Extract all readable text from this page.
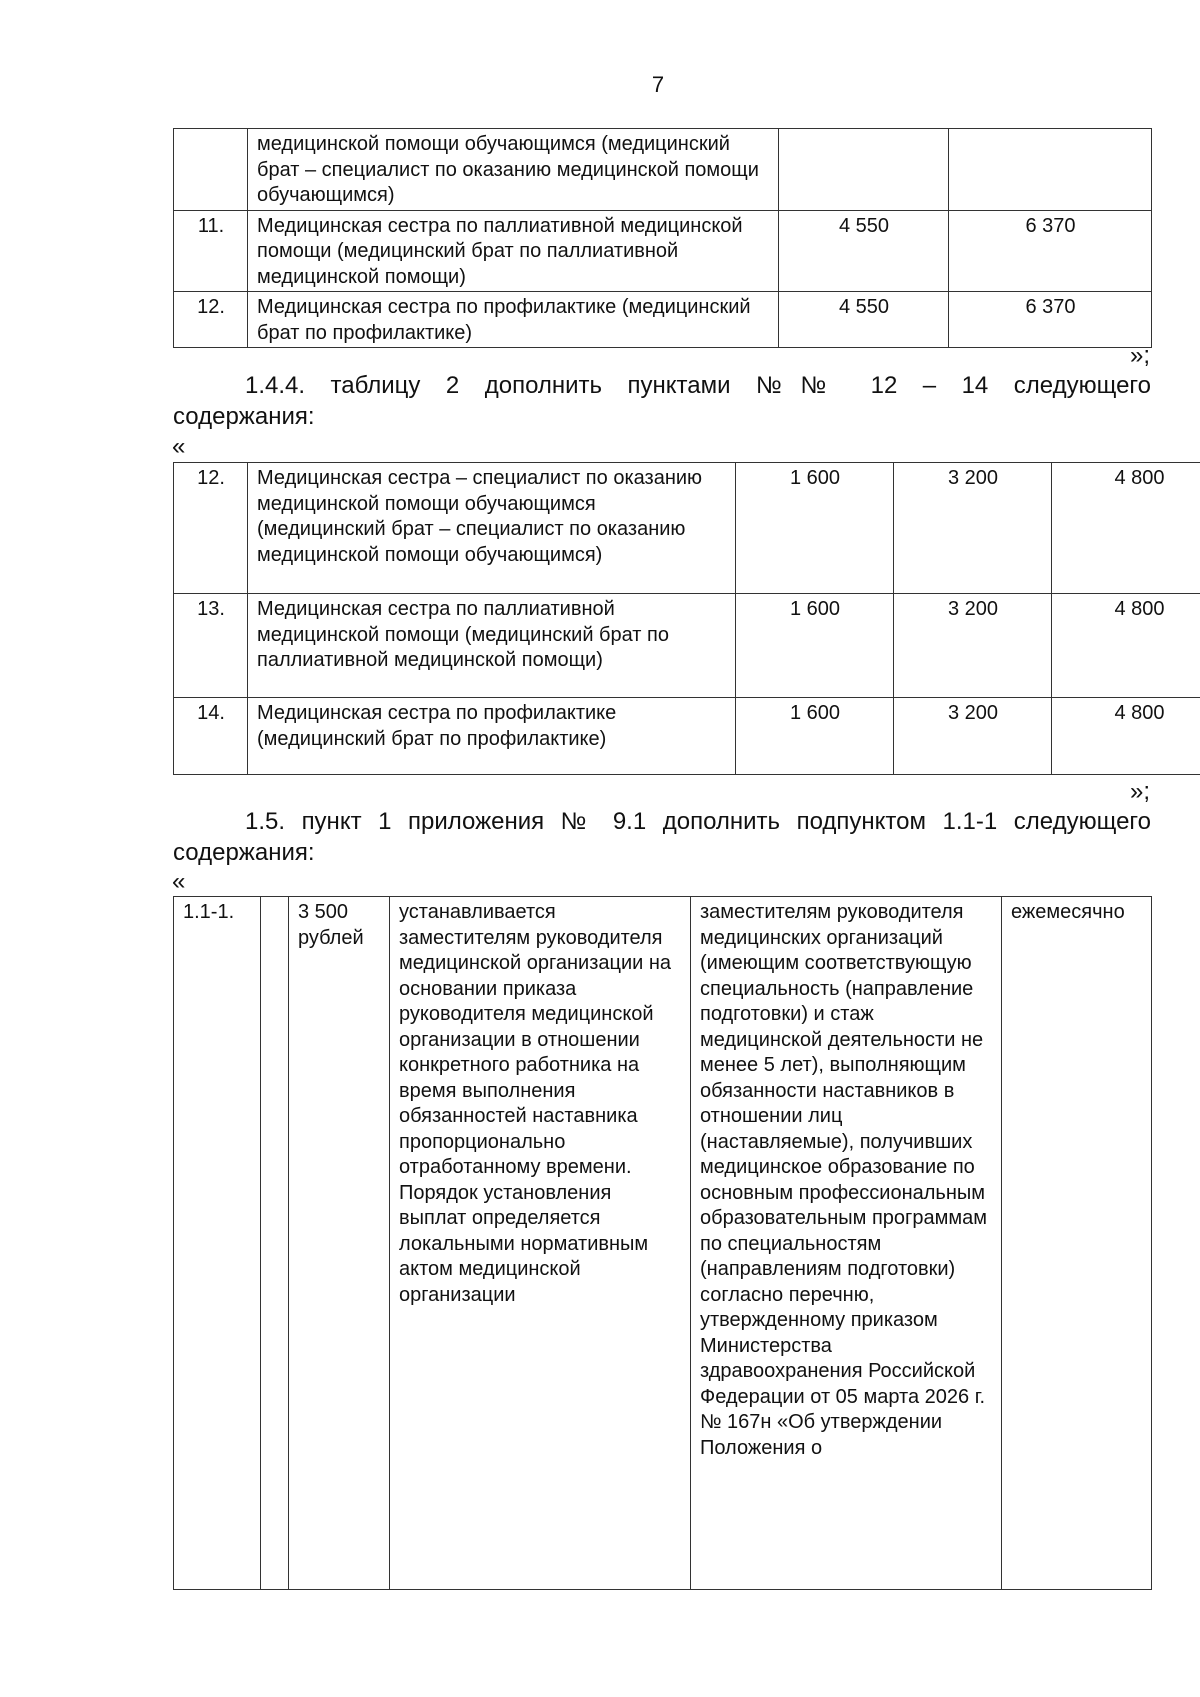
7
	медицинской помощи обучающимся (медицинский брат – специалист по оказанию медицинской помощи обучающимся)		
11.	Медицинская сестра по паллиативной медицинской помощи (медицинский брат по паллиативной медицинской помощи)	4 550	6 370
12.	Медицинская сестра по профилактике (медицинский брат по профилактике)	4 550	6 370
»;
1.4.4. таблицу 2 дополнить пунктами №№ 12 – 14 следующего
содержания:
«
12.	Медицинская сестра – специалист по оказанию медицинской помощи обучающимся (медицинский брат – специалист по оказанию медицинской помощи обучающимся)	1 600	3 200	4 800
13.	Медицинская сестра по паллиативной медицинской помощи (медицинский брат по паллиативной медицинской помощи)	1 600	3 200	4 800
14.	Медицинская сестра по профилактике (медицинский брат по профилактике)	1 600	3 200	4 800
»;
1.5. пункт 1 приложения № 9.1 дополнить подпунктом 1.1-1 следующего
содержания:
«
1.1-1.		3 500 рублей	устанавливается заместителям руководителя медицинской организации на основании приказа руководителя медицинской организации в отношении конкретного работника на время выполнения обязанностей наставника пропорционально отработанному времени. Порядок установления выплат определяется локальными нормативным актом медицинской организации	заместителям руководителя медицинских организаций (имеющим соответствующую специальность (направление подготовки) и стаж медицинской деятельности не менее 5 лет), выполняющим обязанности наставников в отношении лиц (наставляемые), получивших медицинское образование по основным профессиональным образовательным программам по специальностям (направлениям подготовки) согласно перечню, утвержденному приказом Министерства здравоохранения Российской Федерации от 05 марта 2026 г. № 167н «Об утверждении Положения о	ежемесячно
